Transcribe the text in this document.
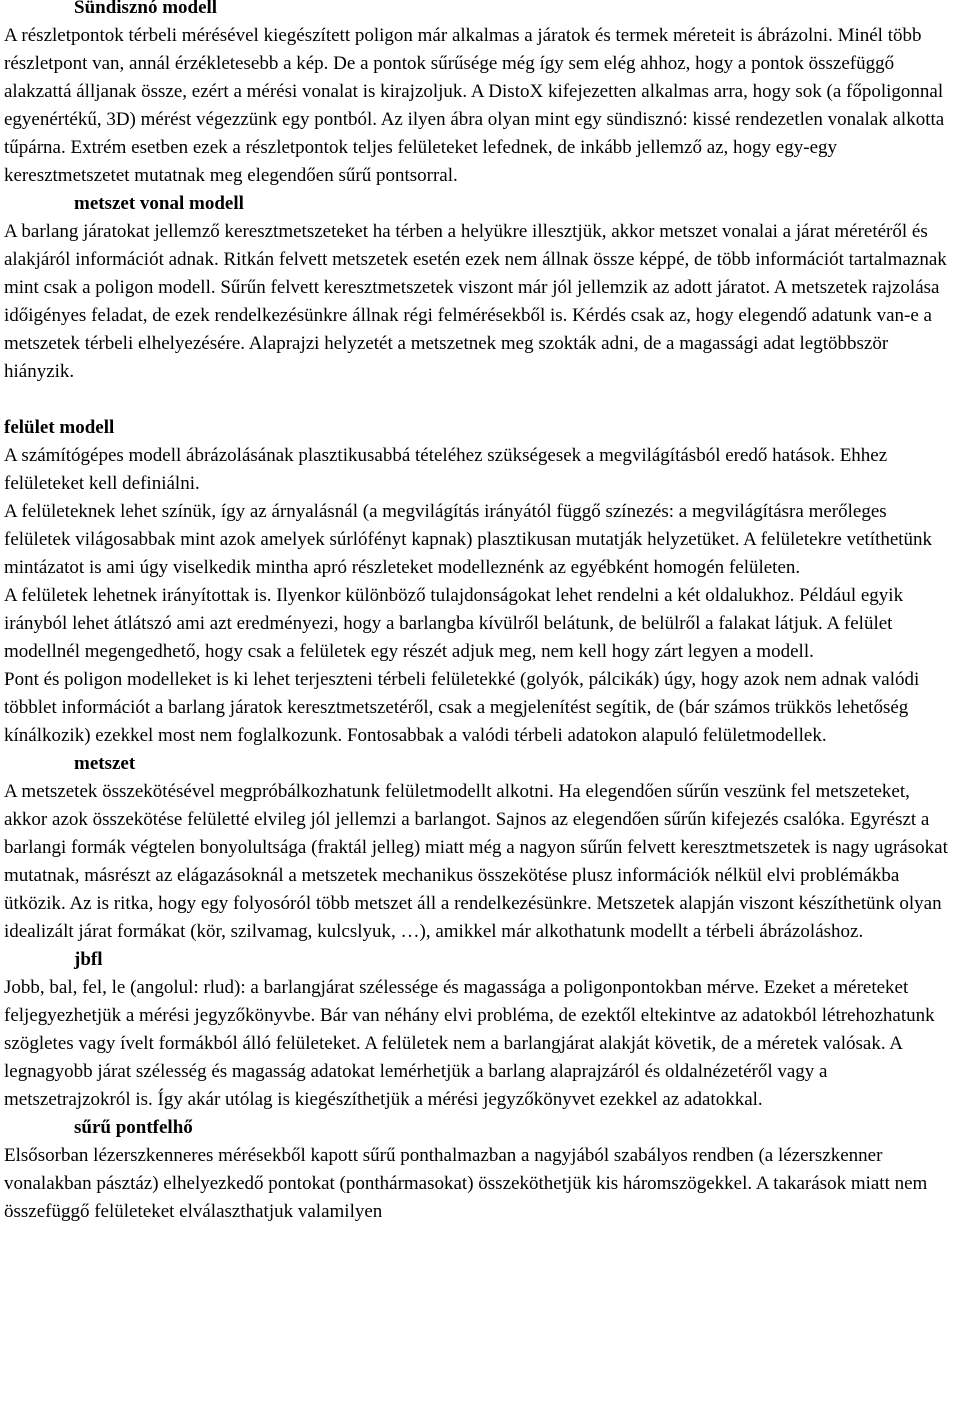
Sündisznó modell

A részletpontok térbeli mérésével kiegészített poligon már alkalmas a járatok és termek méreteit is ábrázolni. Minél több részletpont van, annál érzékletesebb a kép. De a pontok sűrűsége még így sem elég ahhoz, hogy a pontok összefüggő alakzattá álljanak össze, ezért a mérési vonalat is kirajzoljuk. A DistoX kifejezetten alkalmas arra, hogy sok (a főpoligonnal egyenértékű, 3D) mérést végezzünk egy pontból. Az ilyen ábra olyan mint egy sündisznó: kissé rendezetlen vonalak alkotta tűpárna. Extrém esetben ezek a részletpontok teljes felületeket lefednek, de inkább jellemző az, hogy egy-egy keresztmetszetet mutatnak meg elegendően sűrű pontsorral.

metszet vonal modell

A barlang járatokat jellemző keresztmetszeteket ha térben a helyükre illesztjük, akkor metszet vonalai a járat méretéről és alakjáról információt adnak. Ritkán felvett metszetek esetén ezek nem állnak össze képpé, de több információt tartalmaznak mint csak a poligon modell. Sűrűn felvett keresztmetszetek viszont már jól jellemzik az adott járatot. A metszetek rajzolása időigényes feladat, de ezek rendelkezésünkre állnak régi felmérésekből is. Kérdés csak az, hogy elegendő adatunk van-e a metszetek térbeli elhelyezésére. Alaprajzi helyzetét a metszetnek meg szokták adni, de a magassági adat legtöbbször hiányzik.

felület modell

A számítógépes modell ábrázolásának plasztikusabbá tételéhez szükségesek a megvilágításból eredő hatások. Ehhez felületeket kell definiálni.

A felületeknek lehet színük, így az árnyalásnál (a megvilágítás irányától függő színezés: a megvilágításra merőleges felületek világosabbak mint azok amelyek súrlófényt kapnak) plasztikusan mutatják helyzetüket. A felületekre vetíthetünk mintázatot is ami úgy viselkedik mintha apró részleteket modelleznénk az egyébként homogén felületen.

A felületek lehetnek irányítottak is. Ilyenkor különböző tulajdonságokat lehet rendelni a két oldalukhoz. Például egyik irányból lehet átlátszó ami azt eredményezi, hogy a barlangba kívülről belátunk, de belülről a falakat látjuk. A felület modellnél megengedhető, hogy csak a felületek egy részét adjuk meg, nem kell hogy zárt legyen a modell.

Pont és poligon modelleket is ki lehet terjeszteni térbeli felületekké (golyók, pálcikák) úgy, hogy azok nem adnak valódi többlet információt a barlang járatok keresztmetszetéről, csak a megjelenítést segítik, de (bár számos trükkös lehetőség kínálkozik) ezekkel most nem foglalkozunk. Fontosabbak a valódi térbeli adatokon alapuló felületmodellek.

metszet

A metszetek összekötésével megpróbálkozhatunk felületmodellt alkotni. Ha elegendően sűrűn veszünk fel metszeteket, akkor azok összekötése felületté elvileg jól jellemzi a barlangot. Sajnos az elegendően sűrűn kifejezés csalóka. Egyrészt a barlangi formák végtelen bonyolultsága (fraktál jelleg) miatt még a nagyon sűrűn felvett keresztmetszetek is nagy ugrásokat mutatnak, másrészt az elágazásoknál a metszetek mechanikus összekötése plusz információk nélkül elvi problémákba ütközik. Az is ritka, hogy egy folyosóról több metszet áll a rendelkezésünkre. Metszetek alapján viszont készíthetünk olyan idealizált járat formákat (kör, szilvamag, kulcslyuk, …), amikkel már alkothatunk modellt a térbeli ábrázoláshoz.

jbfl

Jobb, bal, fel, le (angolul: rlud): a barlangjárat szélessége és magassága a poligonpontokban mérve. Ezeket a méreteket feljegyezhetjük a mérési jegyzőkönyvbe. Bár van néhány elvi probléma, de ezektől eltekintve az adatokból létrehozhatunk szögletes vagy ívelt formákból álló felületeket. A felületek nem a barlangjárat alakját követik, de a méretek valósak. A legnagyobb járat szélesség és magasság adatokat lemérhetjük a barlang alaprajzáról és oldalnézetéről vagy a metszetrajzokról is. Így akár utólag is kiegészíthetjük a mérési jegyzőkönyvet ezekkel az adatokkal.

sűrű pontfelhő

Elsősorban lézerszkenneres mérésekből kapott sűrű ponthalmazban a nagyjából szabályos rendben (a lézerszkenner vonalakban pásztáz) elhelyezkedő pontokat (ponthármasokat) összeköthetjük kis háromszögekkel. A takarások miatt nem összefüggő felületeket elválaszthatjuk valamilyen
